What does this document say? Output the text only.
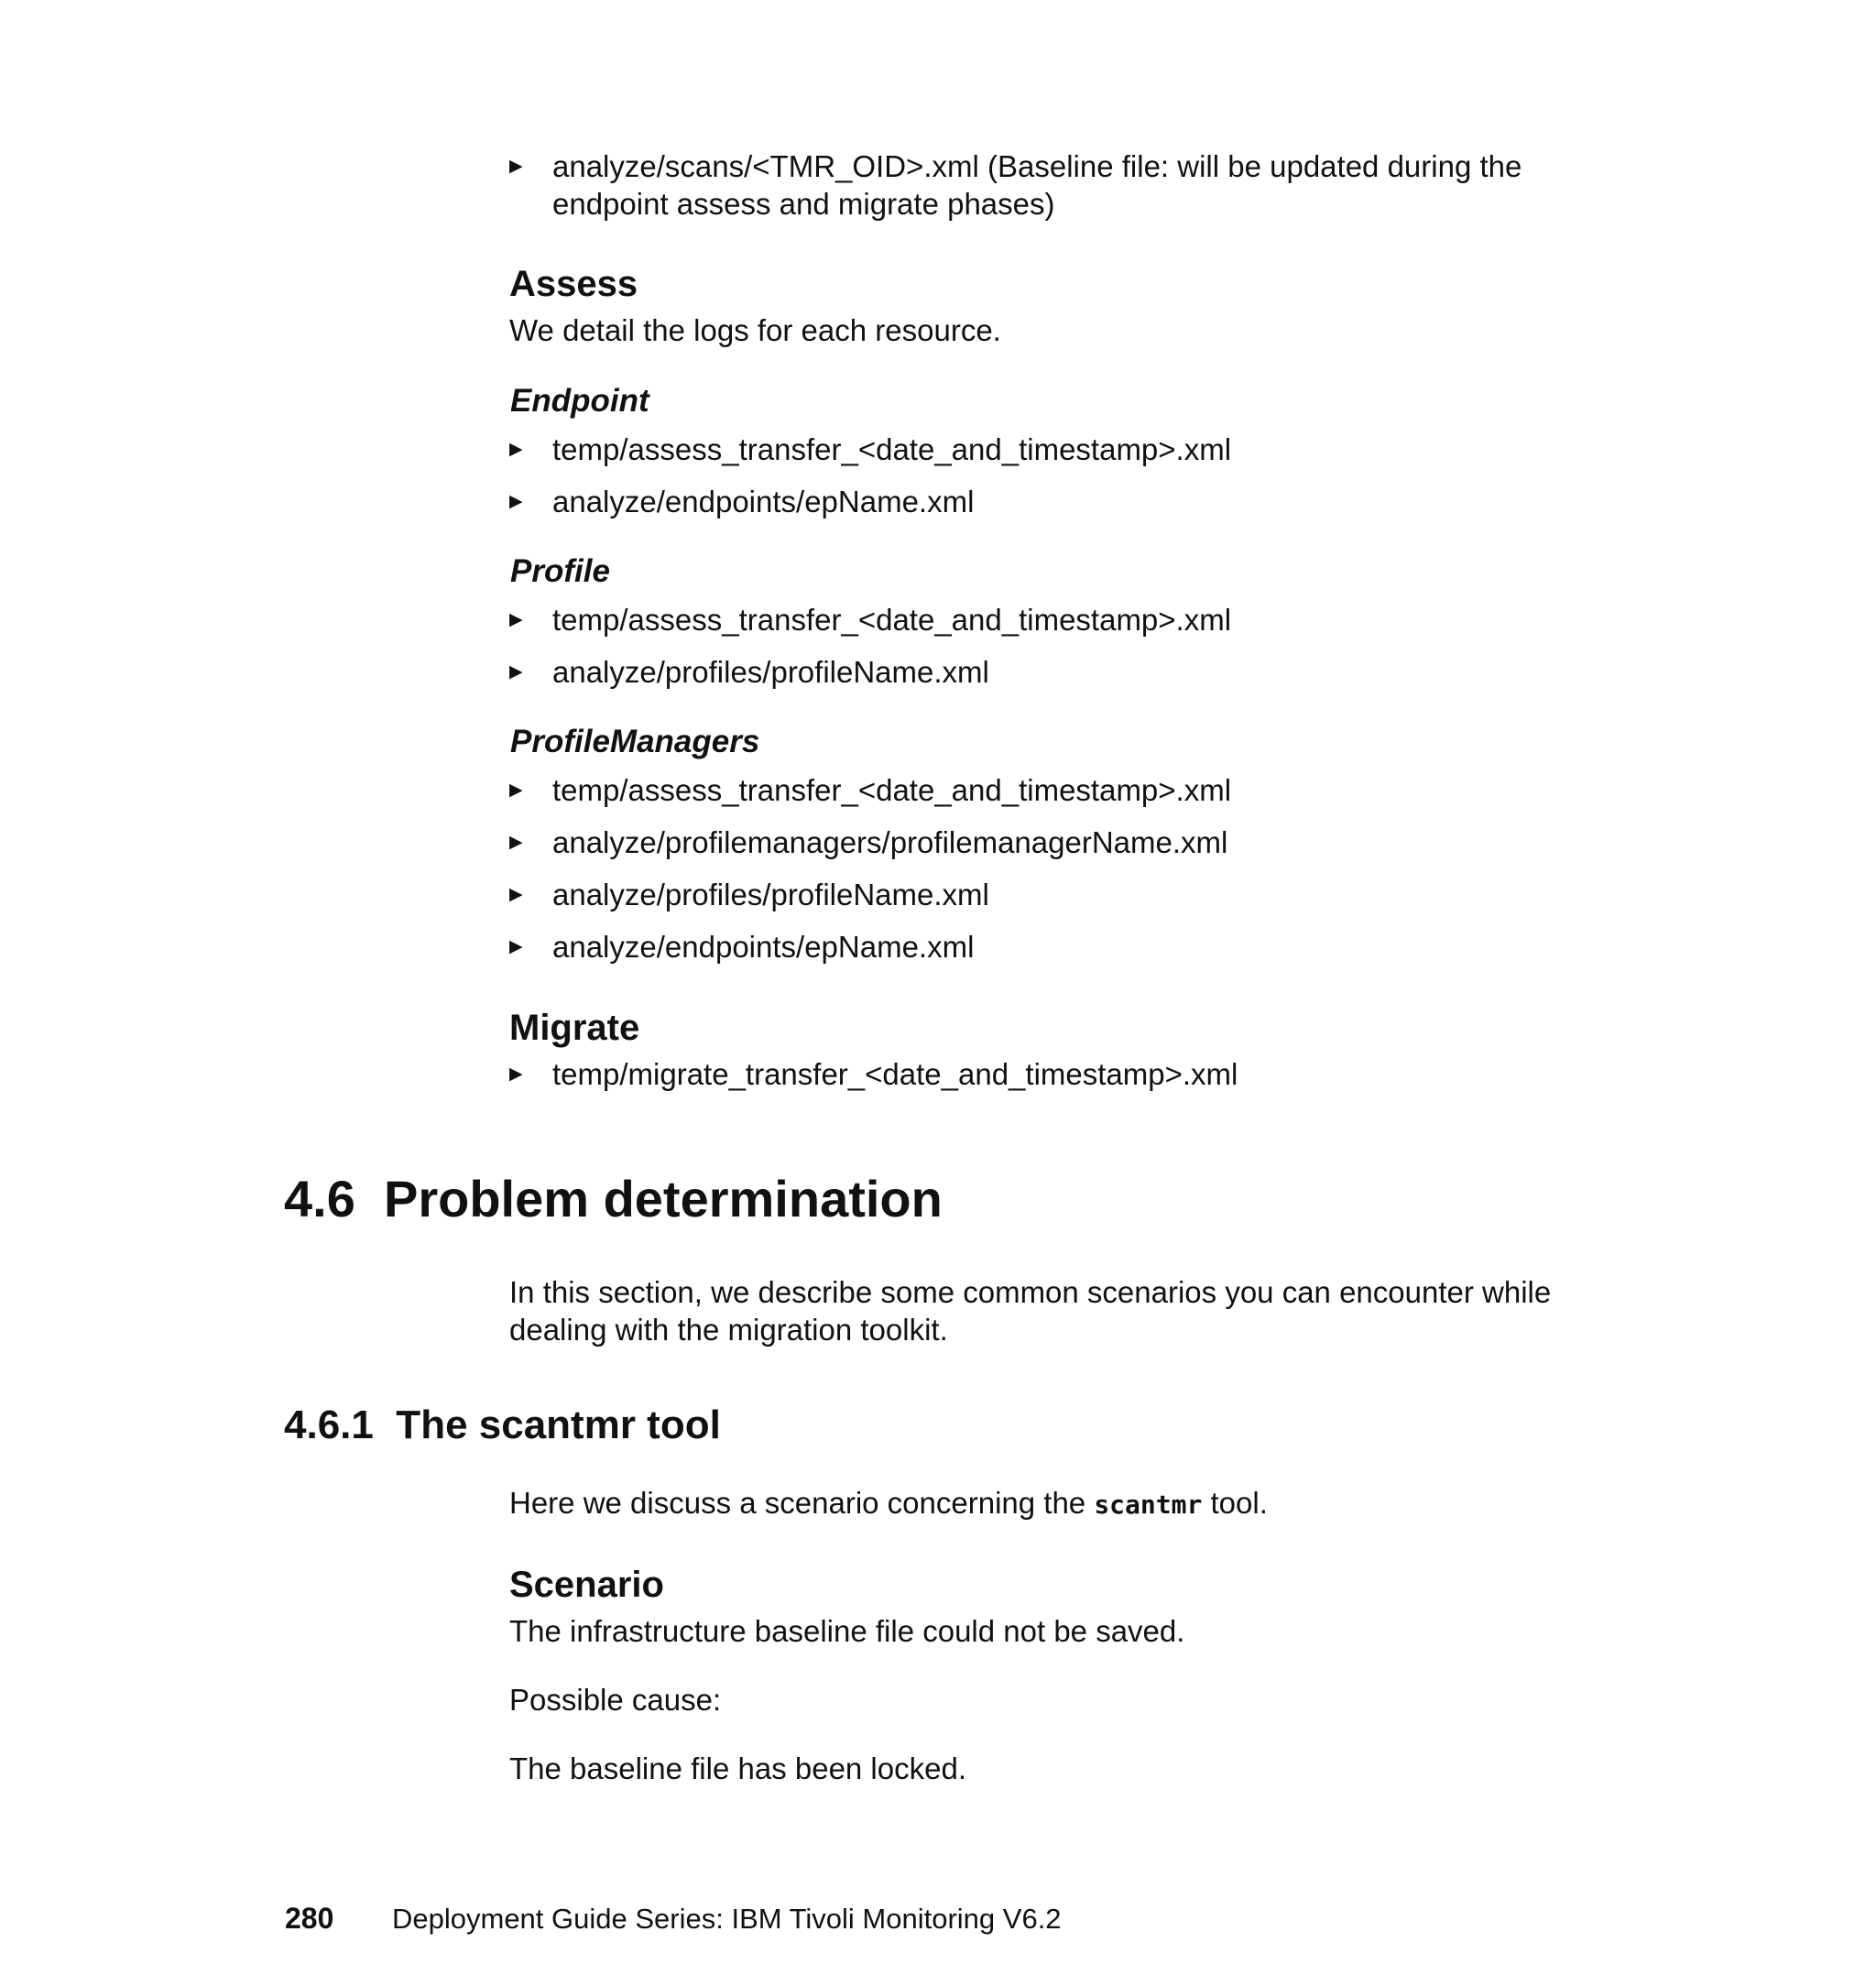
▶ analyze/scans/<TMR_OID>.xml (Baseline file: will be updated during the
endpoint assess and migrate phases)
Assess
We detail the logs for each resource.
Endpoint
▶ temp/assess_transfer_<date_and_timestamp>.xml
▶ analyze/endpoints/epName.xml
Profile
▶ temp/assess_transfer_<date_and_timestamp>.xml
▶ analyze/profiles/profileName.xml
ProfileManagers
▶ temp/assess_transfer_<date_and_timestamp>.xml
▶ analyze/profilemanagers/profilemanagerName.xml
▶ analyze/profiles/profileName.xml
▶ analyze/endpoints/epName.xml
Migrate
▶ temp/migrate_transfer_<date_and_timestamp>.xml
4.6  Problem determination
In this section, we describe some common scenarios you can encounter while
dealing with the migration toolkit.
4.6.1  The scantmr tool
Here we discuss a scenario concerning the scantmr tool.
Scenario
The infrastructure baseline file could not be saved.
Possible cause:
The baseline file has been locked.
280 Deployment Guide Series: IBM Tivoli Monitoring V6.2
